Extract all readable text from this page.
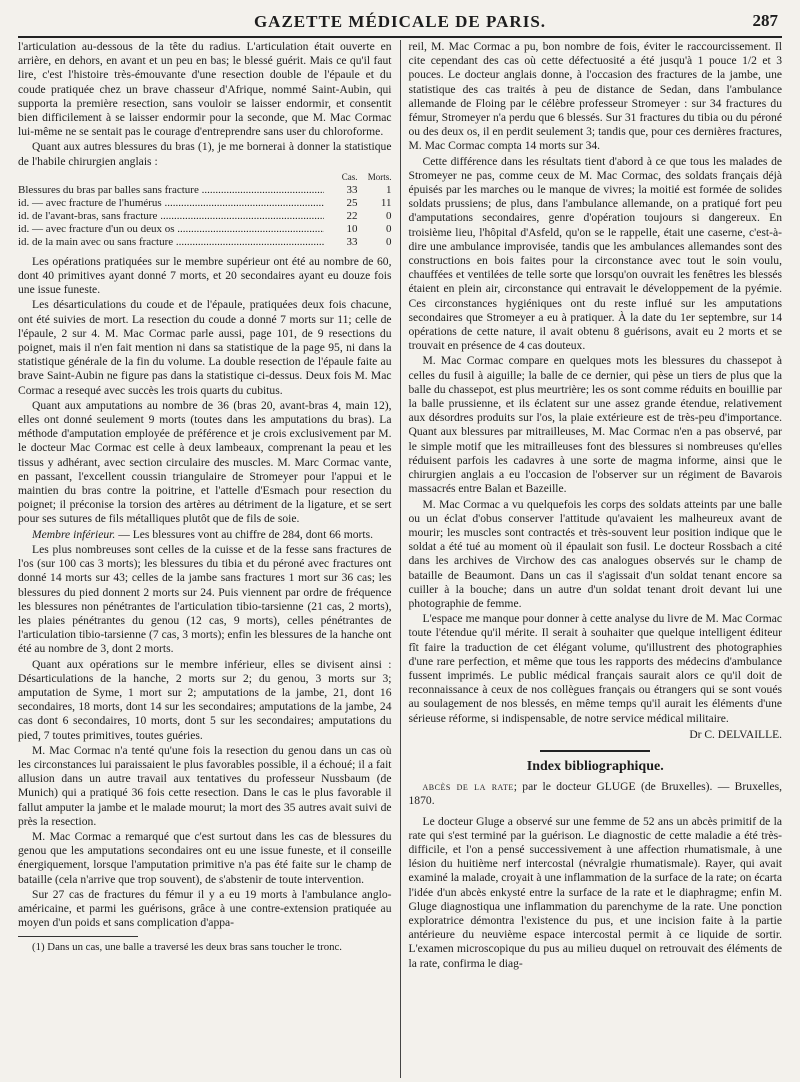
GAZETTE MÉDICALE DE PARIS.	287

l'articulation au-dessous de la tête du radius. L'articulation était ouverte en arrière, en dehors, en avant et un peu en bas; le blessé guérit. Mais ce qu'il faut lire, c'est l'histoire très-émouvante d'une resection double de l'épaule et du coude pratiquée chez un brave chasseur d'Afrique, nommé Saint-Aubin, qui supporta la première resection, sans vouloir se laisser endormir, et consentit bien difficilement à se laisser endormir pour la seconde, que M. Mac Cormac lui-même ne se sentait pas le courage d'entreprendre sans user du chloroforme.

Quant aux autres blessures du bras (1), je me bornerai à donner la statistique de l'habile chirurgien anglais :

Cas.	Morts.
Blessures du bras par balles sans fracture .....	33	1
id. — avec fracture de l'humérus .....	25	11
id. de l'avant-bras, sans fracture .....	22	0
id. — avec fracture d'un ou deux os .....	10	0
id. de la main avec ou sans fracture .....	33	0

Les opérations pratiquées sur le membre supérieur ont été au nombre de 60, dont 40 primitives ayant donné 7 morts, et 20 secondaires ayant eu douze fois une issue funeste.

Les désarticulations du coude et de l'épaule, pratiquées deux fois chacune, ont été suivies de mort. La resection du coude a donné 7 morts sur 11; celle de l'épaule, 2 sur 4. M. Mac Cormac parle aussi, page 101, de 9 resections du poignet, mais il n'en fait mention ni dans sa statistique de la page 95, ni dans la statistique générale de la fin du volume. La double resection de l'épaule faite au brave Saint-Aubin ne figure pas dans la statistique ci-dessus. Deux fois M. Mac Cormac a resequé avec succès les trois quarts du cubitus.

Quant aux amputations au nombre de 36 (bras 20, avant-bras 4, main 12), elles ont donné seulement 9 morts (toutes dans les amputations du bras). La méthode d'amputation employée de préférence et je crois exclusivement par M. le docteur Mac Cormac est celle à deux lambeaux, comprenant la peau et les tissus y adhérant, avec section circulaire des muscles. M. Marc Cormac vante, en passant, l'excellent coussin triangulaire de Stromeyer pour l'appui et le maintien du bras contre la poitrine, et l'attelle d'Esmach pour resection du poignet; il préconise la torsion des artères au détriment de la ligature, et se sert pour ses sutures de fils métalliques plutôt que de fils de soie.

Membre inférieur. — Les blessures vont au chiffre de 284, dont 66 morts.

Les plus nombreuses sont celles de la cuisse et de la fesse sans fractures de l'os (sur 100 cas 3 morts); les blessures du tibia et du péroné avec fractures ont donné 14 morts sur 43; celles de la jambe sans fractures 1 mort sur 36 cas; les blessures du pied donnent 2 morts sur 24. Puis viennent par ordre de fréquence les blessures non pénétrantes de l'articulation tibio-tarsienne (21 cas, 2 morts), les plaies pénétrantes du genou (12 cas, 9 morts), celles pénétrantes de l'articulation tibio-tarsienne (7 cas, 3 morts); enfin les blessures de la hanche ont été au nombre de 3, dont 2 morts.

Quant aux opérations sur le membre inférieur, elles se divisent ainsi : Désarticulations de la hanche, 2 morts sur 2; du genou, 3 morts sur 3; amputation de Syme, 1 mort sur 2; amputations de la jambe, 21, dont 16 secondaires, 18 morts, dont 14 sur les secondaires; amputations de la jambe, 24 cas dont 6 secondaires, 10 morts, dont 5 sur les secondaires; amputations du pied, 7 toutes primitives, toutes guéries.

M. Mac Cormac n'a tenté qu'une fois la resection du genou dans un cas où les circonstances lui paraissaient le plus favorables possible, il a échoué; il a fait allusion dans un autre travail aux tentatives du professeur Nussbaum (de Munich) qui a pratiqué 36 fois cette resection. Dans le cas le plus favorable il fallut amputer la jambe et le malade mourut; la mort des 35 autres avait suivi de près la resection.

M. Mac Cormac a remarqué que c'est surtout dans les cas de blessures du genou que les amputations secondaires ont eu une issue funeste, et il conseille énergiquement, lorsque l'amputation primitive n'a pas été faite sur le champ de bataille (cela n'arrive que trop souvent), de s'abstenir de toute intervention.

Sur 27 cas de fractures du fémur il y a eu 19 morts à l'ambulance anglo-américaine, et parmi les guérisons, grâce à une contre-extension pratiquée au moyen d'un poids et sans complication d'appa-

(1) Dans un cas, une balle a traversé les deux bras sans toucher le tronc.

reil, M. Mac Cormac a pu, bon nombre de fois, éviter le raccourcissement. Il cite cependant des cas où cette défectuosité a été jusqu'à 1 pouce 1/2 et 3 pouces. Le docteur anglais donne, à l'occasion des fractures de la jambe, une statistique des cas traités à peu de distance de Sedan, dans l'ambulance allemande de Floing par le célèbre professeur Stromeyer : sur 34 fractures du fémur, Stromeyer n'a perdu que 6 blessés. Sur 31 fractures du tibia ou du péroné ou des deux os, il en perdit seulement 3; tandis que, pour ces dernières fractures, M. Mac Cormac compta 14 morts sur 34.

Cette différence dans les résultats tient d'abord à ce que tous les malades de Stromeyer ne pas, comme ceux de M. Mac Cormac, des soldats français déjà épuisés par les marches ou le manque de vivres; la moitié est formée de solides soldats prussiens; de plus, dans l'ambulance allemande, on a pratiqué fort peu d'amputations secondaires, genre d'opération toujours si dangereux. En troisième lieu, l'hôpital d'Asfeld, qu'on se le rappelle, était une caserne, c'est-à-dire une ambulance improvisée, tandis que les ambulances allemandes sont des constructions en bois faites pour la circonstance avec tout le soin voulu, chauffées et ventilées de telle sorte que lorsqu'on ouvrait les fenêtres les blessés étaient en plein air, circonstance qui entravait le développement de la pyémie. Ces circonstances hygiéniques ont du reste influé sur les amputations secondaires que Stromeyer a eu à pratiquer. À la date du 1er septembre, sur 14 opérations de cette nature, il avait obtenu 8 guérisons, avait eu 2 morts et se trouvait en présence de 4 cas douteux.

M. Mac Cormac compare en quelques mots les blessures du chassepot à celles du fusil à aiguille; la balle de ce dernier, qui pèse un tiers de plus que la balle du chassepot, est plus meurtrière; les os sont comme réduits en bouillie par la balle prussienne, et ils éclatent sur une assez grande étendue, relativement aux désordres produits sur l'os, la plaie extérieure est de très-peu d'importance. Quant aux blessures par mitrailleuses, M. Mac Cormac n'en a pas observé, par le simple motif que les mitrailleuses font des blessures si nombreuses qu'elles réduisent parfois les cadavres à une sorte de magma informe, ainsi que le chirurgien anglais a eu l'occasion de l'observer sur un régiment de Bavarois massacrés entre Balan et Bazeille.

M. Mac Cormac a vu quelquefois les corps des soldats atteints par une balle ou un éclat d'obus conserver l'attitude qu'avaient les malheureux avant de mourir; les muscles sont contractés et très-souvent leur position indique que le soldat a été tué au moment où il épaulait son fusil. Le docteur Rossbach a cité dans les archives de Virchow des cas analogues observés sur le champ de bataille de Beaumont. Dans un cas il s'agissait d'un soldat tenant encore sa cuiller à la bouche; dans un autre d'un soldat tenant droit devant lui une photographie de femme.

L'espace me manque pour donner à cette analyse du livre de M. Mac Cormac toute l'étendue qu'il mérite. Il serait à souhaiter que quelque intelligent éditeur fît faire la traduction de cet élégant volume, qu'illustrent des photographies d'une rare perfection, et même que tous les rapports des médecins d'ambulance fussent imprimés. Le public médical français saurait alors ce qu'il doit de reconnaissance à ceux de nos collègues français ou étrangers qui se sont voués au soulagement de nos blessés, en même temps qu'il aurait les éléments d'une sérieuse réforme, si indispensable, de notre service médical militaire.

Dr C. DELVAILLE.
Index bibliographique.
abcès de la rate; par le docteur GLUGE (de Bruxelles). — Bruxelles, 1870.

Le docteur Gluge a observé sur une femme de 52 ans un abcès primitif de la rate qui s'est terminé par la guérison. Le diagnostic de cette maladie a été très-difficile, et l'on a pensé successivement à une affection rhumatismale, à une lésion du huitième nerf intercostal (névralgie rhumatismale). Rayer, qui avait examiné la malade, croyait à une inflammation de la surface de la rate; on écarta l'idée d'un abcès enkysté entre la surface de la rate et le diaphragme; enfin M. Gluge diagnostiqua une inflammation du parenchyme de la rate. Une ponction exploratrice démontra l'existence du pus, et une incision faite à la partie antérieure du neuvième espace intercostal permit à ce liquide de sortir. L'examen microscopique du pus au milieu duquel on retrouvait des éléments de la rate, confirma le diag-
